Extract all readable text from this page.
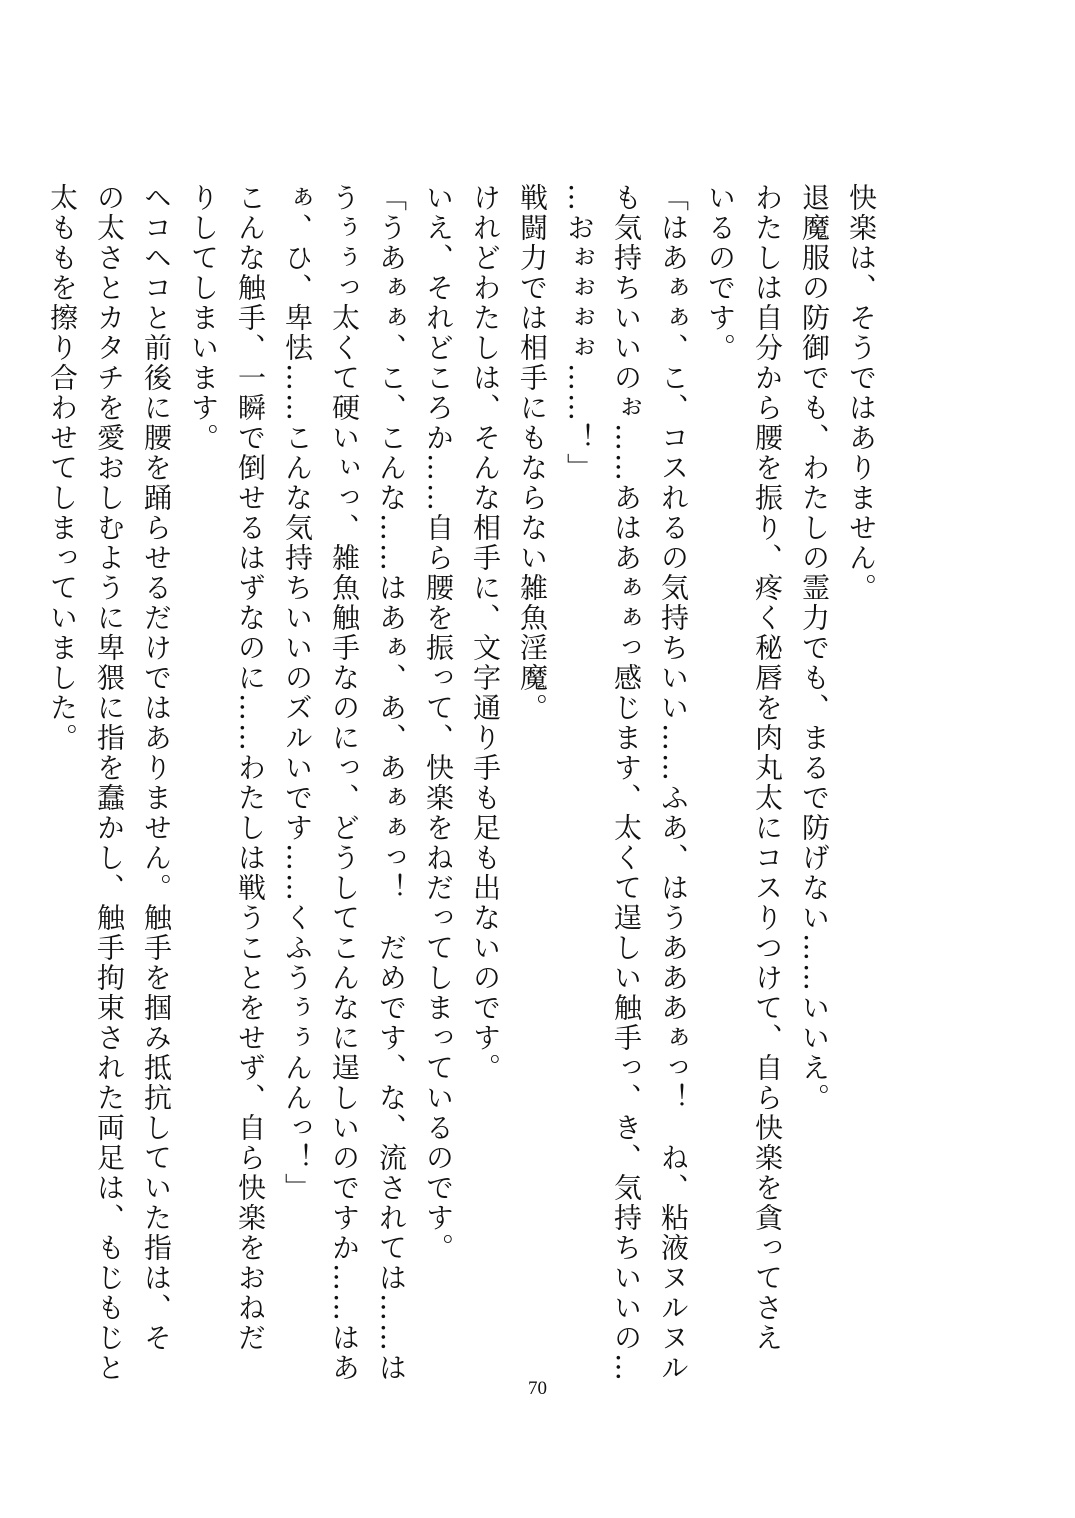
快楽は、そうではありません。

退魔服の防御でも、わたしの霊力でも、まるで防げない……いいえ。

わたしは自分から腰を振り、疼く秘唇を肉丸太にコスりつけて、自ら快楽を貪ってさえ

いるのです。

「はあぁぁ、こ、コスれるの気持ちいい……ふあ、はうあああぁっ！　ね、粘液ヌルヌル

も気持ちいいのぉ……あはあぁぁっ感じます、太くて逞しい触手っ、き、気持ちいいの…

…おぉぉぉぉ……！」

戦闘力では相手にもならない雑魚淫魔。

けれどわたしは、そんな相手に、文字通り手も足も出ないのです。

いえ、それどころか……自ら腰を振って、快楽をねだってしまっているのです。

「うあぁぁ、こ、こんな……はあぁ、あ、あぁぁっ！　だめです、な、流されては……は

うぅぅっ太くて硬いぃっ、雑魚触手なのにっ、どうしてこんなに逞しいのですか……はあ

ぁ、ひ、卑怯……こんな気持ちいいのズルいです……くふうぅぅんんっ！」

こんな触手、一瞬で倒せるはずなのに……わたしは戦うことをせず、自ら快楽をおねだ

りしてしまいます。

ヘコヘコと前後に腰を踊らせるだけではありません。触手を掴み抵抗していた指は、そ

の太さとカタチを愛おしむように卑猥に指を蠢かし、触手拘束された両足は、もじもじと

太ももを擦り合わせてしまっていました。

70
